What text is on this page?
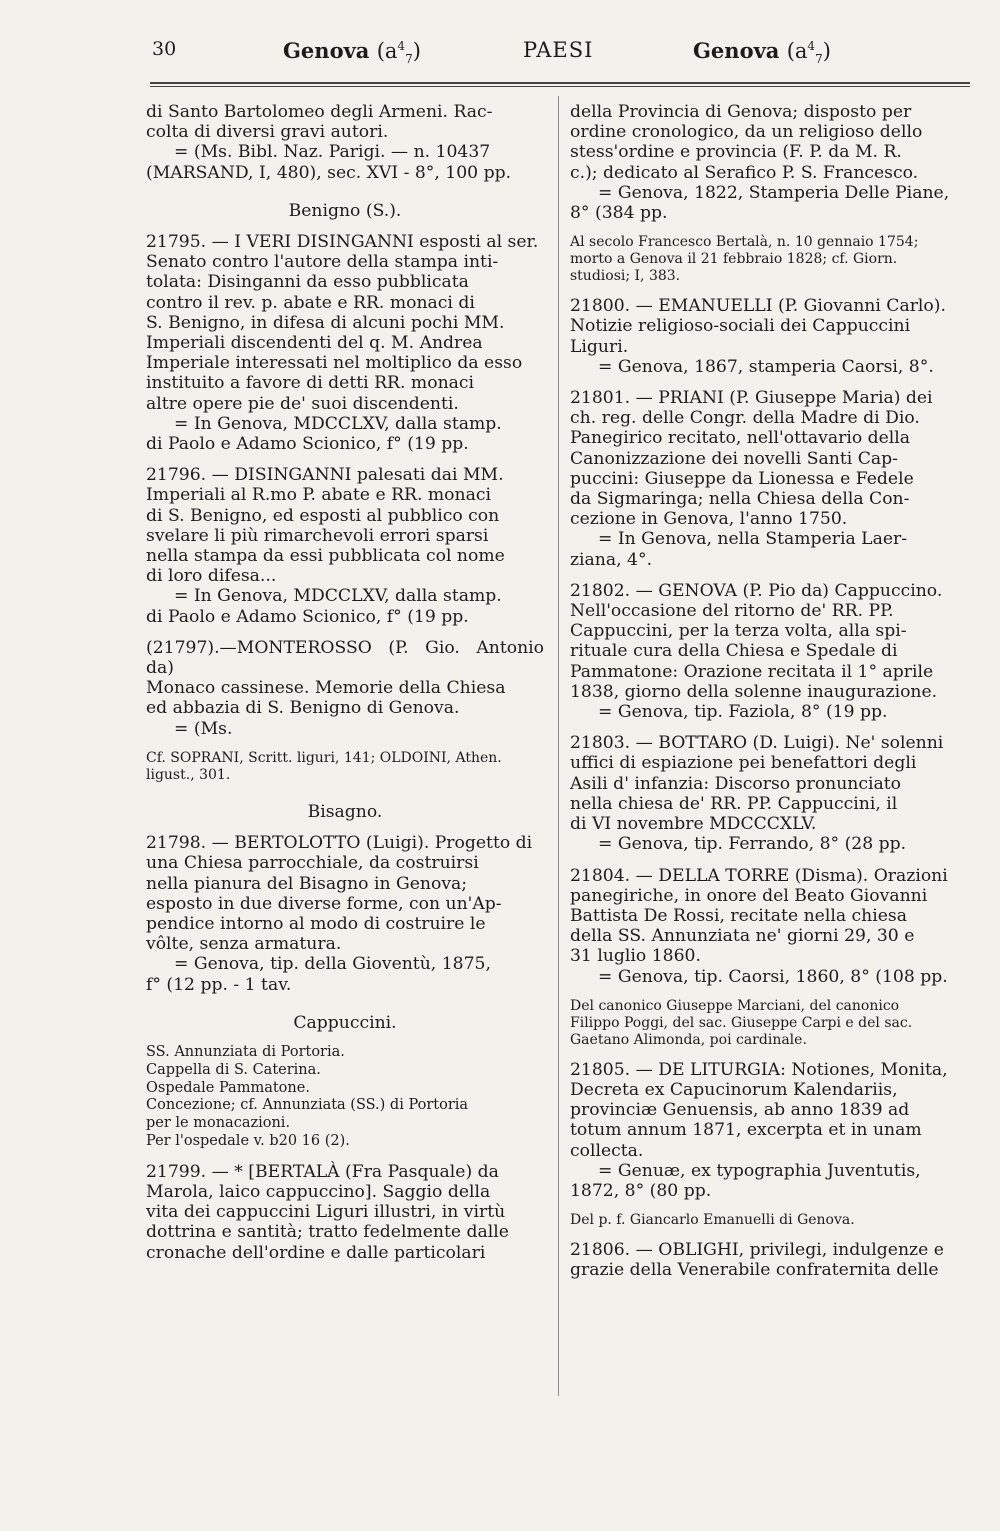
30	Genova $(a^4_7)$	PAESI	Genova $(a^4_7)$

di Santo Bartolomeo degli Armeni. Rac-

colta di diversi gravi autori.

= (Ms. Bibl. Naz. Parigi. — n. 10437

(MARSAND, I, 480), sec. XVI - 8°, 100 pp.

Benigno (S.).

21795. — I VERI DISINGANNI esposti al ser.

Senato contro l'autore della stampa inti-

tolata: Disinganni da esso pubblicata

contro il rev. p. abate e RR. monaci di

S. Benigno, in difesa di alcuni pochi MM.

Imperiali discendenti del q. M. Andrea

Imperiale interessati nel moltiplico da esso

instituito a favore di detti RR. monaci

altre opere pie de' suoi discendenti.

= In Genova, MDCCLXV, dalla stamp.

di Paolo e Adamo Scionico, f° (19 pp.

21796. — DISINGANNI palesati dai MM.

Imperiali al R.mo P. abate e RR. monaci

di S. Benigno, ed esposti al pubblico con

svelare li più rimarchevoli errori sparsi

nella stampa da essi pubblicata col nome

di loro difesa...

= In Genova, MDCCLXV, dalla stamp.

di Paolo e Adamo Scionico, f° (19 pp.

(21797).—MONTEROSSO (P. Gio. Antonio da)

Monaco cassinese. Memorie della Chiesa

ed abbazia di S. Benigno di Genova.

= (Ms.

Cf. SOPRANI, Scritt. liguri, 141; OLDOINI, Athen.

ligust., 301.

Bisagno.

21798. — BERTOLOTTO (Luigi). Progetto di

una Chiesa parrocchiale, da costruirsi

nella pianura del Bisagno in Genova;

esposto in due diverse forme, con un'Ap-

pendice intorno al modo di costruire le

vôlte, senza armatura.

= Genova, tip. della Gioventù, 1875,

f° (12 pp. - 1 tav.

Cappuccini.

SS. Annunziata di Portoria.

Cappella di S. Caterina.

Ospedale Pammatone.

Concezione; cf. Annunziata (SS.) di Portoria

per le monacazioni.

Per l'ospedale v. b20 16 (2).

21799. — * [BERTALÀ (Fra Pasquale) da

Marola, laico cappuccino]. Saggio della

vita dei cappuccini Liguri illustri, in virtù

dottrina e santità; tratto fedelmente dalle

cronache dell'ordine e dalle particolari

della Provincia di Genova; disposto per

ordine cronologico, da un religioso dello

stess'ordine e provincia (F. P. da M. R.

c.); dedicato al Serafico P. S. Francesco.

= Genova, 1822, Stamperia Delle Piane,

8° (384 pp.

Al secolo Francesco Bertalà, n. 10 gennaio 1754;

morto a Genova il 21 febbraio 1828; cf. Giorn.

studiosi; I, 383.

21800. — EMANUELLI (P. Giovanni Carlo).

Notizie religioso-sociali dei Cappuccini

Liguri.

= Genova, 1867, stamperia Caorsi, 8°.

21801. — PRIANI (P. Giuseppe Maria) dei

ch. reg. delle Congr. della Madre di Dio.

Panegirico recitato, nell'ottavario della

Canonizzazione dei novelli Santi Cap-

puccini: Giuseppe da Lionessa e Fedele

da Sigmaringa; nella Chiesa della Con-

cezione in Genova, l'anno 1750.

= In Genova, nella Stamperia Laer-

ziana, 4°.

21802. — GENOVA (P. Pio da) Cappuccino.

Nell'occasione del ritorno de' RR. PP.

Cappuccini, per la terza volta, alla spi-

rituale cura della Chiesa e Spedale di

Pammatone: Orazione recitata il 1° aprile

1838, giorno della solenne inaugurazione.

= Genova, tip. Faziola, 8° (19 pp.

21803. — BOTTARO (D. Luigi). Ne' solenni

uffici di espiazione pei benefattori degli

Asili d' infanzia: Discorso pronunciato

nella chiesa de' RR. PP. Cappuccini, il

di VI novembre MDCCCXLV.

= Genova, tip. Ferrando, 8° (28 pp.

21804. — DELLA TORRE (Disma). Orazioni

panegiriche, in onore del Beato Giovanni

Battista De Rossi, recitate nella chiesa

della SS. Annunziata ne' giorni 29, 30 e

31 luglio 1860.

= Genova, tip. Caorsi, 1860, 8° (108 pp.

Del canonico Giuseppe Marciani, del canonico

Filippo Poggi, del sac. Giuseppe Carpi e del sac.

Gaetano Alimonda, poi cardinale.

21805. — DE LITURGIA: Notiones, Monita,

Decreta ex Capucinorum Kalendariis,

provinciæ Genuensis, ab anno 1839 ad

totum annum 1871, excerpta et in unam

collecta.

= Genuæ, ex typographia Juventutis,

1872, 8° (80 pp.

Del p. f. Giancarlo Emanuelli di Genova.

21806. — OBLIGHI, privilegi, indulgenze e

grazie della Venerabile confraternita delle
